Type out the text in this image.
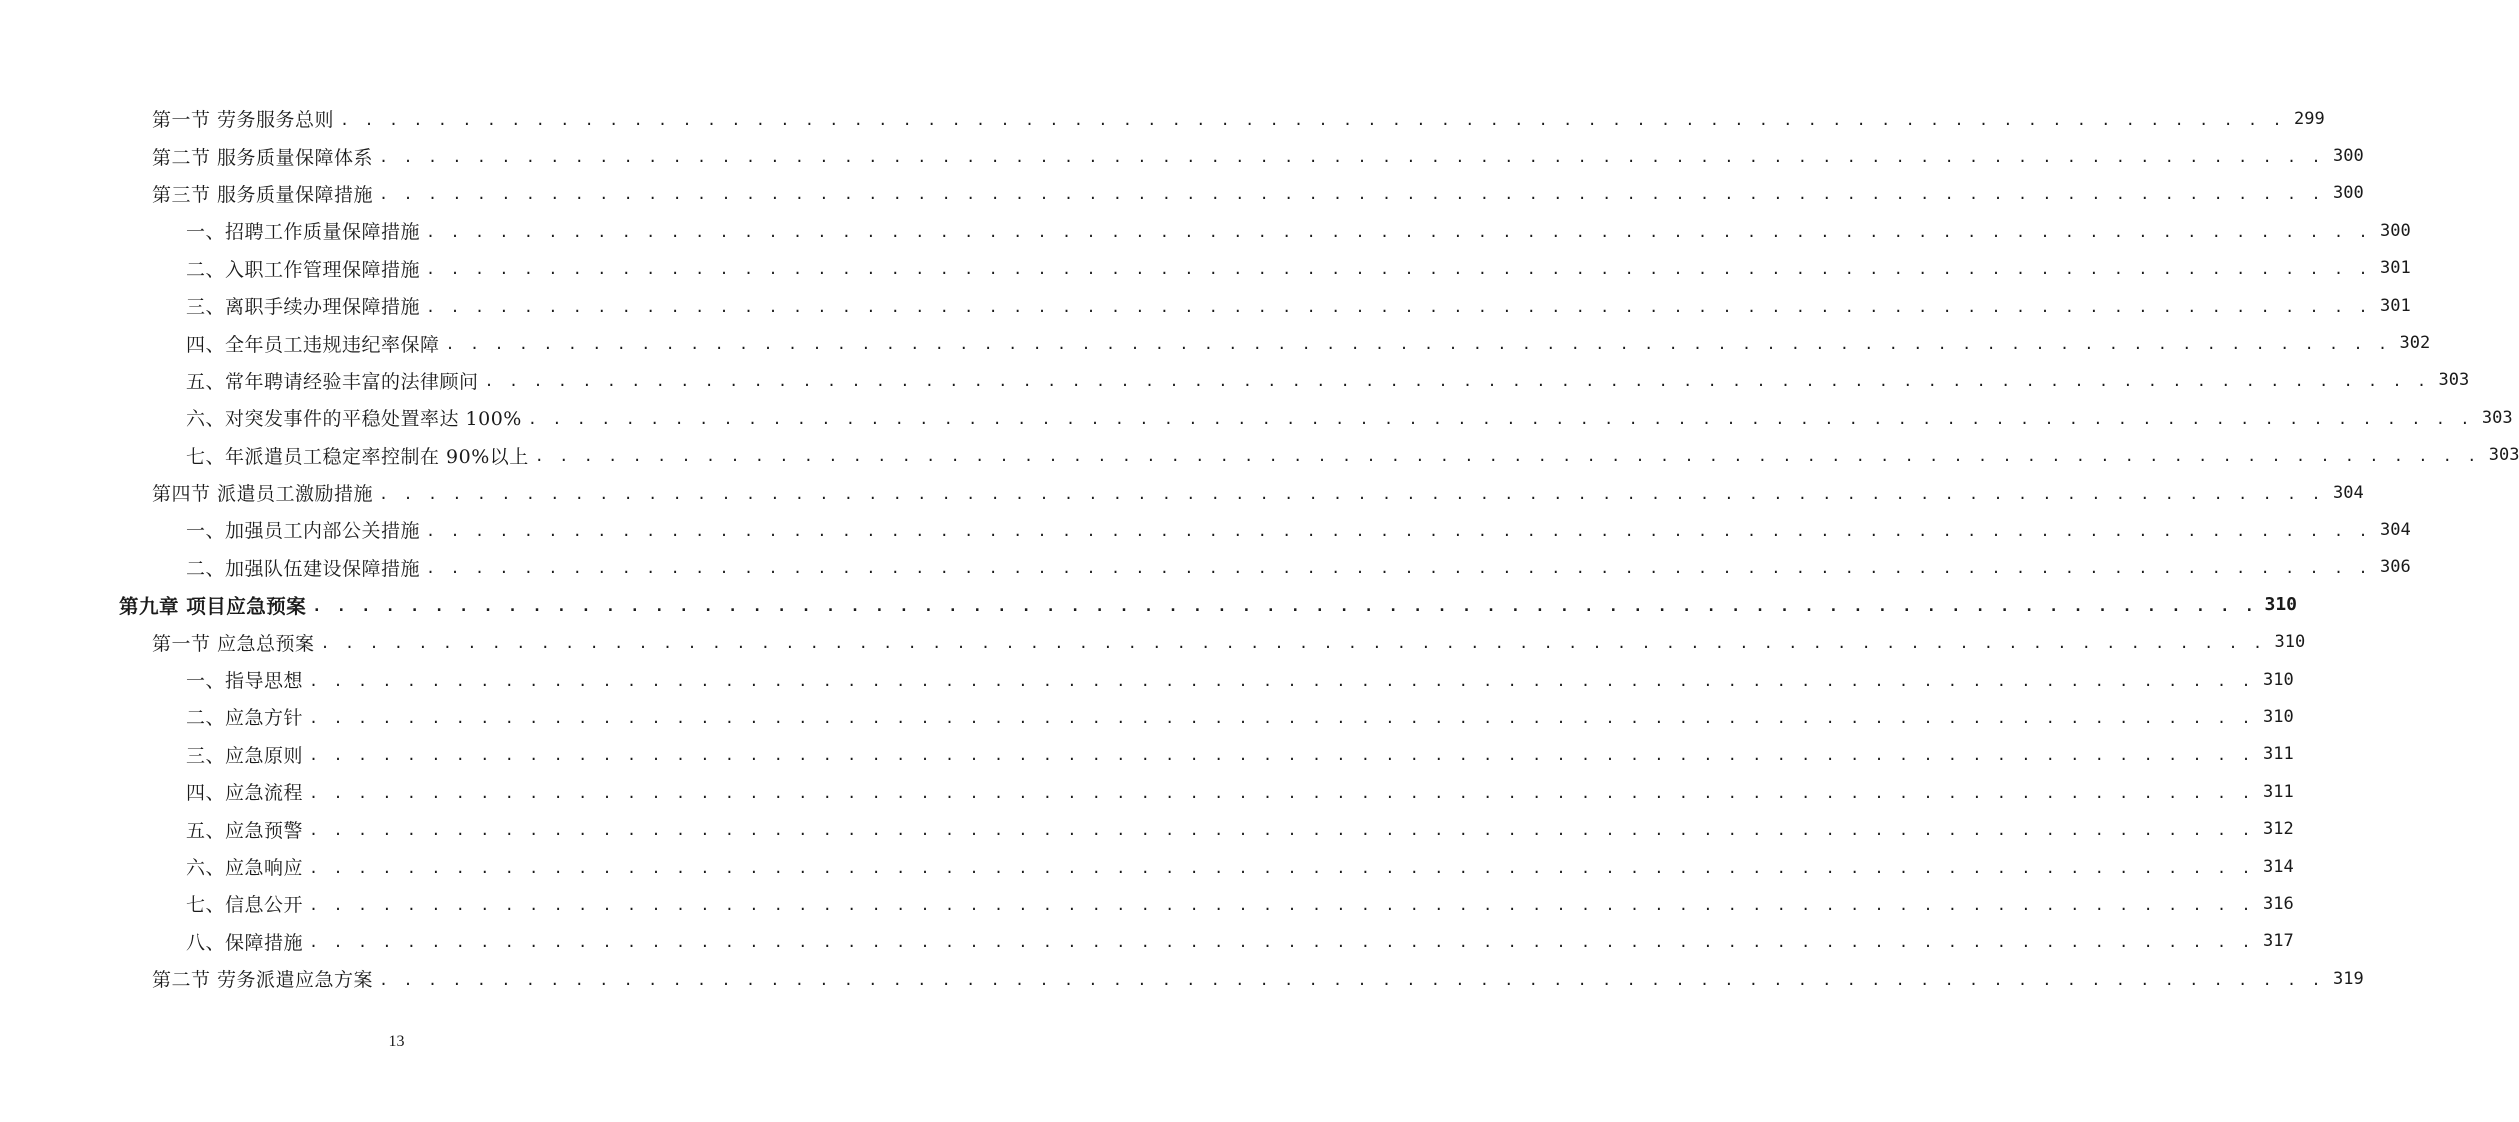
第一节 劳务服务总则 . . . . . . . . . . . . . . . . . . . . . . . . . . . . . . . . . . . . . . . . . . . . . . . . . . . . . . . . . . . . . . . . . . . . . . . . . . . . . . . . 299
第二节 服务质量保障体系 . . . . . . . . . . . . . . . . . . . . . . . . . . . . . . . . . . . . . . . . . . . . . . . . . . . . . . . . . . . . . . . . . . . . . . . . . . . . . . . . 300
第三节 服务质量保障措施 . . . . . . . . . . . . . . . . . . . . . . . . . . . . . . . . . . . . . . . . . . . . . . . . . . . . . . . . . . . . . . . . . . . . . . . . . . . . . . . . 300
一、招聘工作质量保障措施 . . . . . . . . . . . . . . . . . . . . . . . . . . . . . . . . . . . . . . . . . . . . . . . . . . . . . . . . . . . . . . . . . . . . . . . . . . . . . . . . 300
二、入职工作管理保障措施 . . . . . . . . . . . . . . . . . . . . . . . . . . . . . . . . . . . . . . . . . . . . . . . . . . . . . . . . . . . . . . . . . . . . . . . . . . . . . . . . 301
三、离职手续办理保障措施 . . . . . . . . . . . . . . . . . . . . . . . . . . . . . . . . . . . . . . . . . . . . . . . . . . . . . . . . . . . . . . . . . . . . . . . . . . . . . . . . 301
四、全年员工违规违纪率保障 . . . . . . . . . . . . . . . . . . . . . . . . . . . . . . . . . . . . . . . . . . . . . . . . . . . . . . . . . . . . . . . . . . . . . . . . . . . . . . . . 302
五、常年聘请经验丰富的法律顾问 . . . . . . . . . . . . . . . . . . . . . . . . . . . . . . . . . . . . . . . . . . . . . . . . . . . . . . . . . . . . . . . . . . . . . . . . . . . . . . . . 303
六、对突发事件的平稳处置率达 100% . . . . . . . . . . . . . . . . . . . . . . . . . . . . . . . . . . . . . . . . . . . . . . . . . . . . . . . . . . . . . . . . . . . . . . . . . . . . . . . . 303
七、年派遣员工稳定率控制在 90%以上 . . . . . . . . . . . . . . . . . . . . . . . . . . . . . . . . . . . . . . . . . . . . . . . . . . . . . . . . . . . . . . . . . . . . . . . . . . . . . . . . 303
第四节 派遣员工激励措施 . . . . . . . . . . . . . . . . . . . . . . . . . . . . . . . . . . . . . . . . . . . . . . . . . . . . . . . . . . . . . . . . . . . . . . . . . . . . . . . . 304
一、加强员工内部公关措施 . . . . . . . . . . . . . . . . . . . . . . . . . . . . . . . . . . . . . . . . . . . . . . . . . . . . . . . . . . . . . . . . . . . . . . . . . . . . . . . . 304
二、加强队伍建设保障措施 . . . . . . . . . . . . . . . . . . . . . . . . . . . . . . . . . . . . . . . . . . . . . . . . . . . . . . . . . . . . . . . . . . . . . . . . . . . . . . . . 306
第九章 项目应急预案 . . . . . . . . . . . . . . . . . . . . . . . . . . . . . . . . . . . . . . . . . . . . . . . . . . . . . . . . . . . . . . . . . . . . . . . . . . . . . . . . 310
第一节 应急总预案 . . . . . . . . . . . . . . . . . . . . . . . . . . . . . . . . . . . . . . . . . . . . . . . . . . . . . . . . . . . . . . . . . . . . . . . . . . . . . . . . 310
一、指导思想 . . . . . . . . . . . . . . . . . . . . . . . . . . . . . . . . . . . . . . . . . . . . . . . . . . . . . . . . . . . . . . . . . . . . . . . . . . . . . . . . 310
二、应急方针 . . . . . . . . . . . . . . . . . . . . . . . . . . . . . . . . . . . . . . . . . . . . . . . . . . . . . . . . . . . . . . . . . . . . . . . . . . . . . . . . 310
三、应急原则 . . . . . . . . . . . . . . . . . . . . . . . . . . . . . . . . . . . . . . . . . . . . . . . . . . . . . . . . . . . . . . . . . . . . . . . . . . . . . . . . 311
四、应急流程 . . . . . . . . . . . . . . . . . . . . . . . . . . . . . . . . . . . . . . . . . . . . . . . . . . . . . . . . . . . . . . . . . . . . . . . . . . . . . . . . 311
五、应急预警 . . . . . . . . . . . . . . . . . . . . . . . . . . . . . . . . . . . . . . . . . . . . . . . . . . . . . . . . . . . . . . . . . . . . . . . . . . . . . . . . 312
六、应急响应 . . . . . . . . . . . . . . . . . . . . . . . . . . . . . . . . . . . . . . . . . . . . . . . . . . . . . . . . . . . . . . . . . . . . . . . . . . . . . . . . 314
七、信息公开 . . . . . . . . . . . . . . . . . . . . . . . . . . . . . . . . . . . . . . . . . . . . . . . . . . . . . . . . . . . . . . . . . . . . . . . . . . . . . . . . 316
八、保障措施 . . . . . . . . . . . . . . . . . . . . . . . . . . . . . . . . . . . . . . . . . . . . . . . . . . . . . . . . . . . . . . . . . . . . . . . . . . . . . . . . 317
第二节 劳务派遣应急方案 . . . . . . . . . . . . . . . . . . . . . . . . . . . . . . . . . . . . . . . . . . . . . . . . . . . . . . . . . . . . . . . . . . . . . . . . . . . . . . . . 319
13
